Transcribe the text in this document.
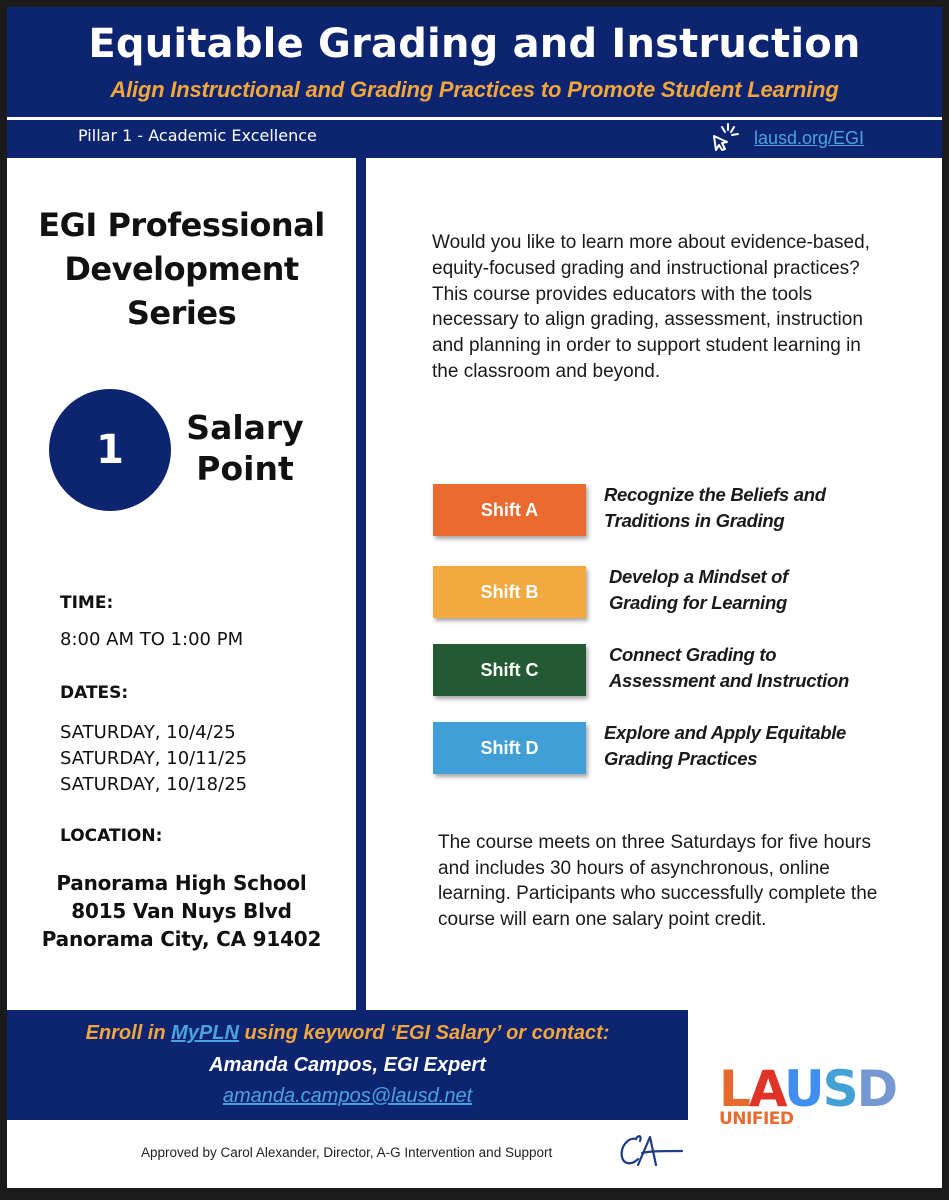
Equitable Grading and Instruction
Align Instructional and Grading Practices to Promote Student Learning
Pillar 1 - Academic Excellence	lausd.org/EGI
EGI Professional
Development
Series
1	Salary
Point
TIME:
8:00 AM TO 1:00 PM
DATES:
SATURDAY, 10/4/25
SATURDAY, 10/11/25
SATURDAY, 10/18/25
LOCATION:
Panorama High School
8015 Van Nuys Blvd
Panorama City, CA 91402
Would you like to learn more about evidence-based, equity-focused grading and instructional practices? This course provides educators with the tools necessary to align grading, assessment, instruction and planning in order to support student learning in the classroom and beyond.
Shift A
Recognize the Beliefs and
Traditions in Grading
Shift B
Develop a Mindset of
Grading for Learning
Shift C
Connect Grading to
Assessment and Instruction
Shift D
Explore and Apply Equitable
Grading Practices
The course meets on three Saturdays for five hours and includes 30 hours of asynchronous, online learning. Participants who successfully complete the course will earn one salary point credit.
Enroll in MyPLN using keyword ‘EGI Salary’ or contact:
Amanda Campos, EGI Expert
amanda.campos@lausd.net	LAUSD
UNIFIED
Approved by Carol Alexander, Director, A-G Intervention and Support
